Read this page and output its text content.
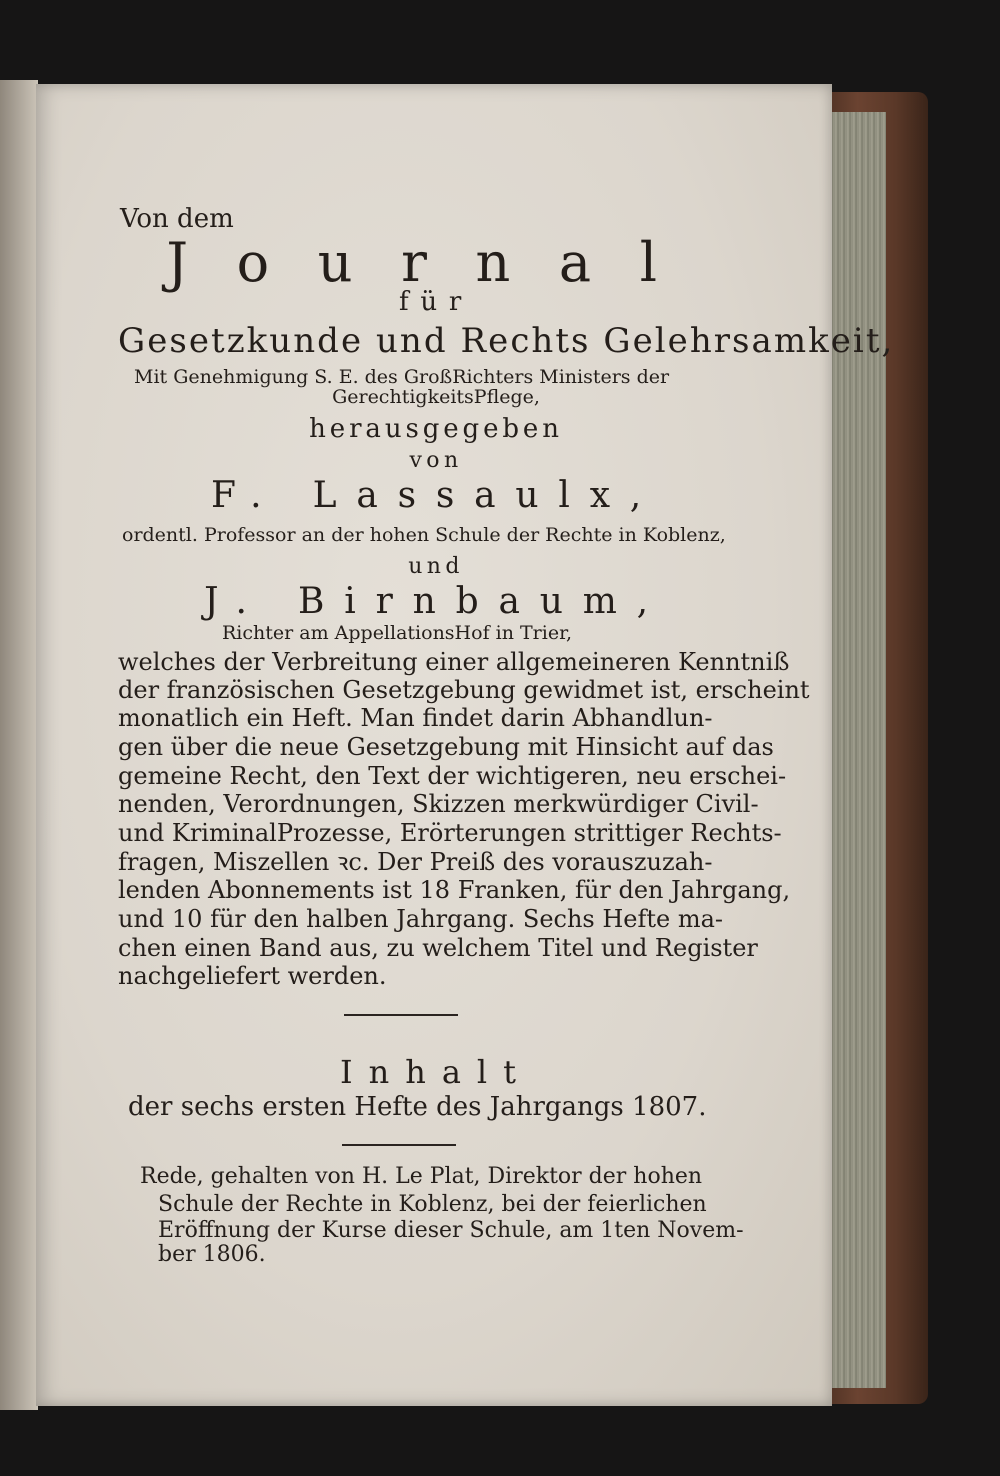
Von dem
Journal
für
Gesetzkunde und Rechts Gelehrsamkeit,
Mit Genehmigung S. E. des GroßRichters Ministers der
GerechtigkeitsPflege,
herausgegeben
von
F. Lassaulx,
ordentl. Professor an der hohen Schule der Rechte in Koblenz,
und
J. Birnbaum,
Richter am AppellationsHof in Trier,
welches der Verbreitung einer allgemeineren Kenntniß
der französischen Gesetzgebung gewidmet ist, erscheint
monatlich ein Heft. Man findet darin Abhandlun-
gen über die neue Gesetzgebung mit Hinsicht auf das
gemeine Recht, den Text der wichtigeren, neu erschei-
nenden, Verordnungen, Skizzen merkwürdiger Civil-
und KriminalProzesse, Erörterungen strittiger Rechts-
fragen, Miszellen ꝛc. Der Preiß des vorauszuzah-
lenden Abonnements ist 18 Franken, für den Jahrgang,
und 10 für den halben Jahrgang. Sechs Hefte ma-
chen einen Band aus, zu welchem Titel und Register
nachgeliefert werden.
Inhalt
der sechs ersten Hefte des Jahrgangs 1807.
Rede, gehalten von H. Le Plat, Direktor der hohen
Schule der Rechte in Koblenz, bei der feierlichen
Eröffnung der Kurse dieser Schule, am 1ten Novem-
ber 1806.
